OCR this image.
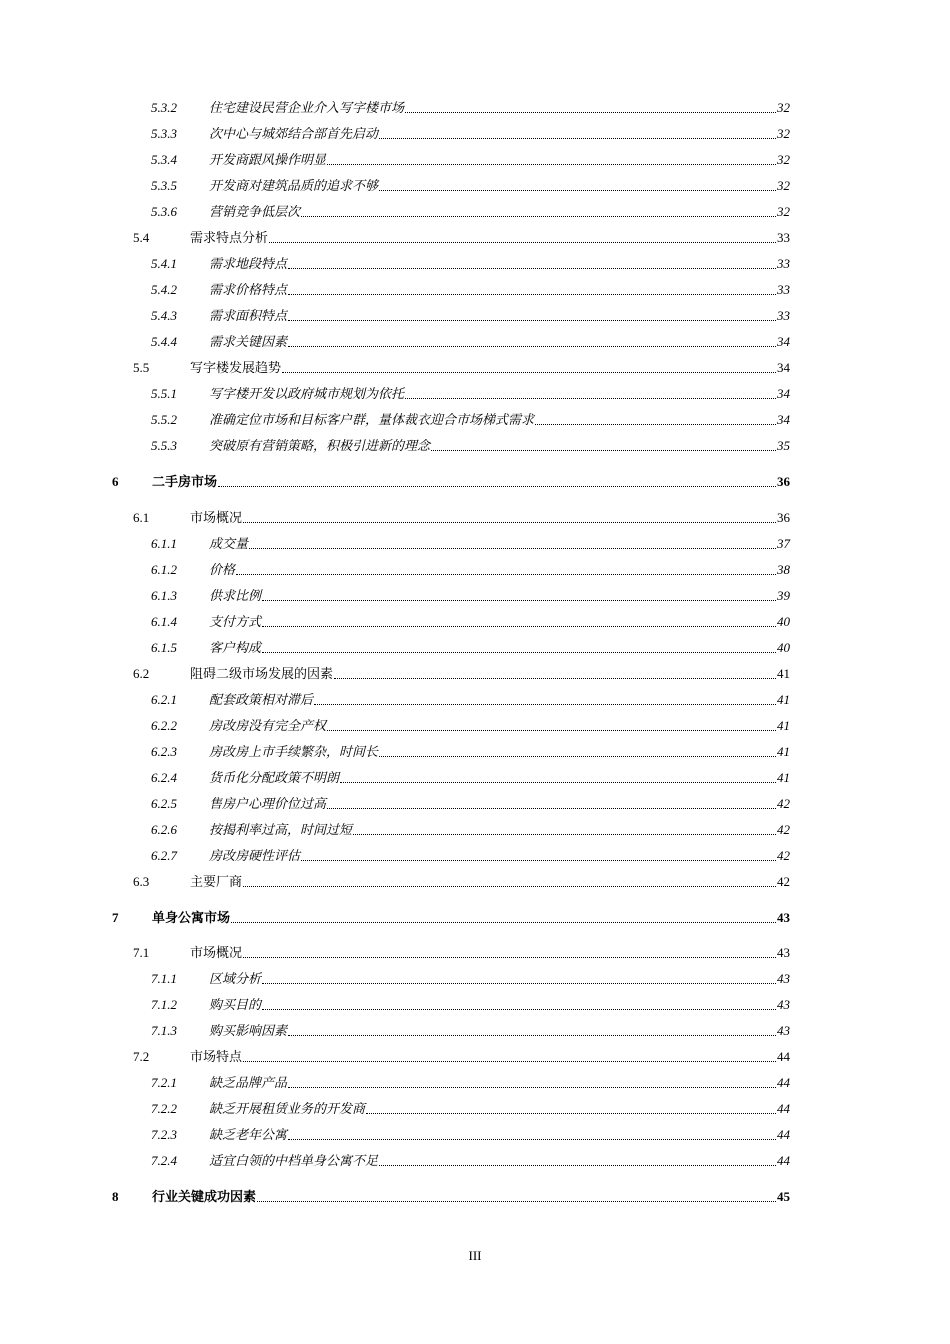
5.3.2 住宅建设民营企业介入写字楼市场	32
5.3.3 次中心与城郊结合部首先启动	32
5.3.4 开发商跟风操作明显	32
5.3.5 开发商对建筑品质的追求不够	32
5.3.6 营销竞争低层次	32
5.4	需求特点分析	33
5.4.1 需求地段特点	33
5.4.2 需求价格特点	33
5.4.3 需求面积特点	33
5.4.4 需求关键因素	34
5.5	写字楼发展趋势	34
5.5.1 写字楼开发以政府城市规划为依托	34
5.5.2 准确定位市场和目标客户群，量体裁衣迎合市场梯式需求	34
5.5.3 突破原有营销策略，积极引进新的理念	35
6	二手房市场	36
6.1	市场概况	36
6.1.1 成交量	37
6.1.2 价格	38
6.1.3 供求比例	39
6.1.4 支付方式	40
6.1.5 客户构成	40
6.2	阻碍二级市场发展的因素	41
6.2.1 配套政策相对滞后	41
6.2.2 房改房没有完全产权	41
6.2.3 房改房上市手续繁杂，时间长	41
6.2.4 货币化分配政策不明朗	41
6.2.5 售房户心理价位过高	42
6.2.6 按揭利率过高，时间过短	42
6.2.7 房改房硬性评估	42
6.3	主要厂商	42
7	单身公寓市场	43
7.1	市场概况	43
7.1.1 区域分析	43
7.1.2 购买目的	43
7.1.3 购买影响因素	43
7.2	市场特点	44
7.2.1 缺乏品牌产品	44
7.2.2 缺乏开展租赁业务的开发商	44
7.2.3 缺乏老年公寓	44
7.2.4 适宜白领的中档单身公寓不足	44
8	行业关键成功因素	45
III
